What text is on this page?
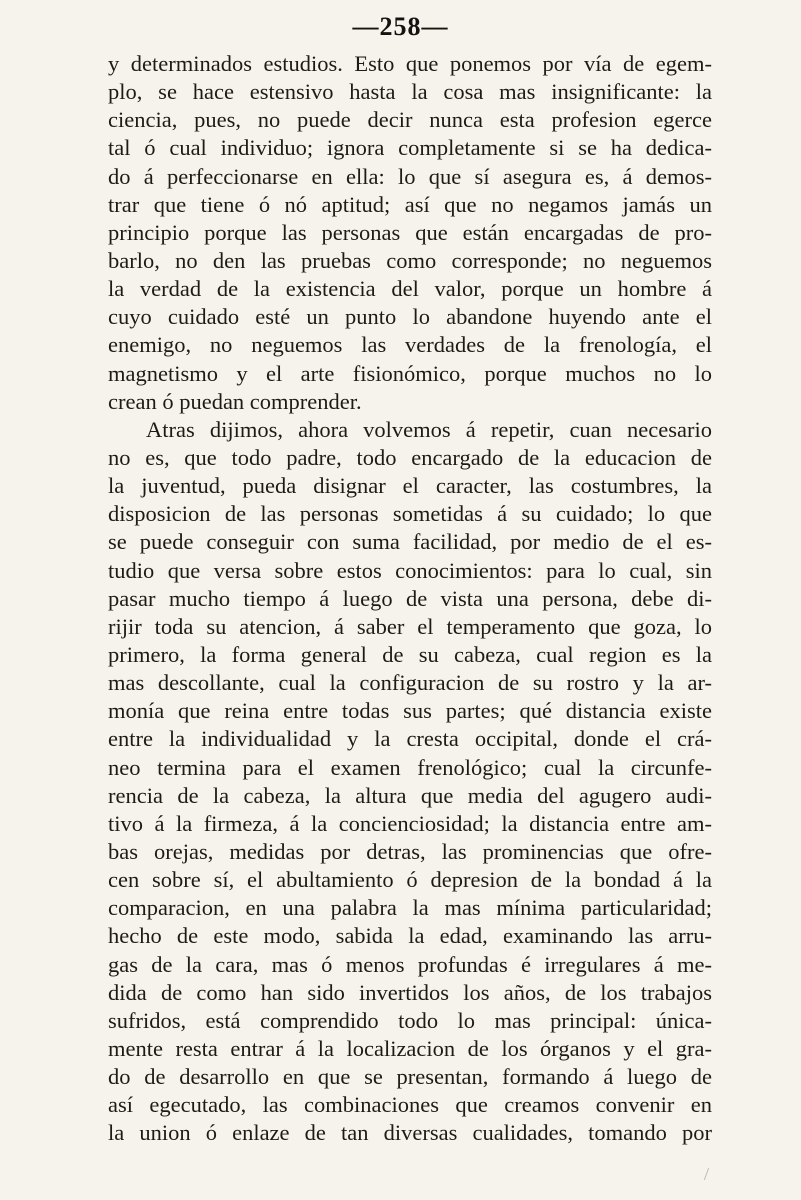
—258—
y determinados estudios. Esto que ponemos por vía de egem-
plo, se hace estensivo hasta la cosa mas insignificante: la
ciencia, pues, no puede decir nunca esta profesion egerce
tal ó cual individuo; ignora completamente si se ha dedica-
do á perfeccionarse en ella: lo que sí asegura es, á demos-
trar que tiene ó nó aptitud; así que no negamos jamás un
principio porque las personas que están encargadas de pro-
barlo, no den las pruebas como corresponde; no neguemos
la verdad de la existencia del valor, porque un hombre á
cuyo cuidado esté un punto lo abandone huyendo ante el
enemigo, no neguemos las verdades de la frenología, el
magnetismo y el arte fisionómico, porque muchos no lo
crean ó puedan comprender.
Atras dijimos, ahora volvemos á repetir, cuan necesario
no es, que todo padre, todo encargado de la educacion de
la juventud, pueda disignar el caracter, las costumbres, la
disposicion de las personas sometidas á su cuidado; lo que
se puede conseguir con suma facilidad, por medio de el es-
tudio que versa sobre estos conocimientos: para lo cual, sin
pasar mucho tiempo á luego de vista una persona, debe di-
rijir toda su atencion, á saber el temperamento que goza, lo
primero, la forma general de su cabeza, cual region es la
mas descollante, cual la configuracion de su rostro y la ar-
monía que reina entre todas sus partes; qué distancia existe
entre la individualidad y la cresta occipital, donde el crá-
neo termina para el examen frenológico; cual la circunfe-
rencia de la cabeza, la altura que media del agugero audi-
tivo á la firmeza, á la concienciosidad; la distancia entre am-
bas orejas, medidas por detras, las prominencias que ofre-
cen sobre sí, el abultamiento ó depresion de la bondad á la
comparacion, en una palabra la mas mínima particularidad;
hecho de este modo, sabida la edad, examinando las arru-
gas de la cara, mas ó menos profundas é irregulares á me-
dida de como han sido invertidos los años, de los trabajos
sufridos, está comprendido todo lo mas principal: única-
mente resta entrar á la localizacion de los órganos y el gra-
do de desarrollo en que se presentan, formando á luego de
así egecutado, las combinaciones que creamos convenir en
la union ó enlaze de tan diversas cualidades, tomando por
